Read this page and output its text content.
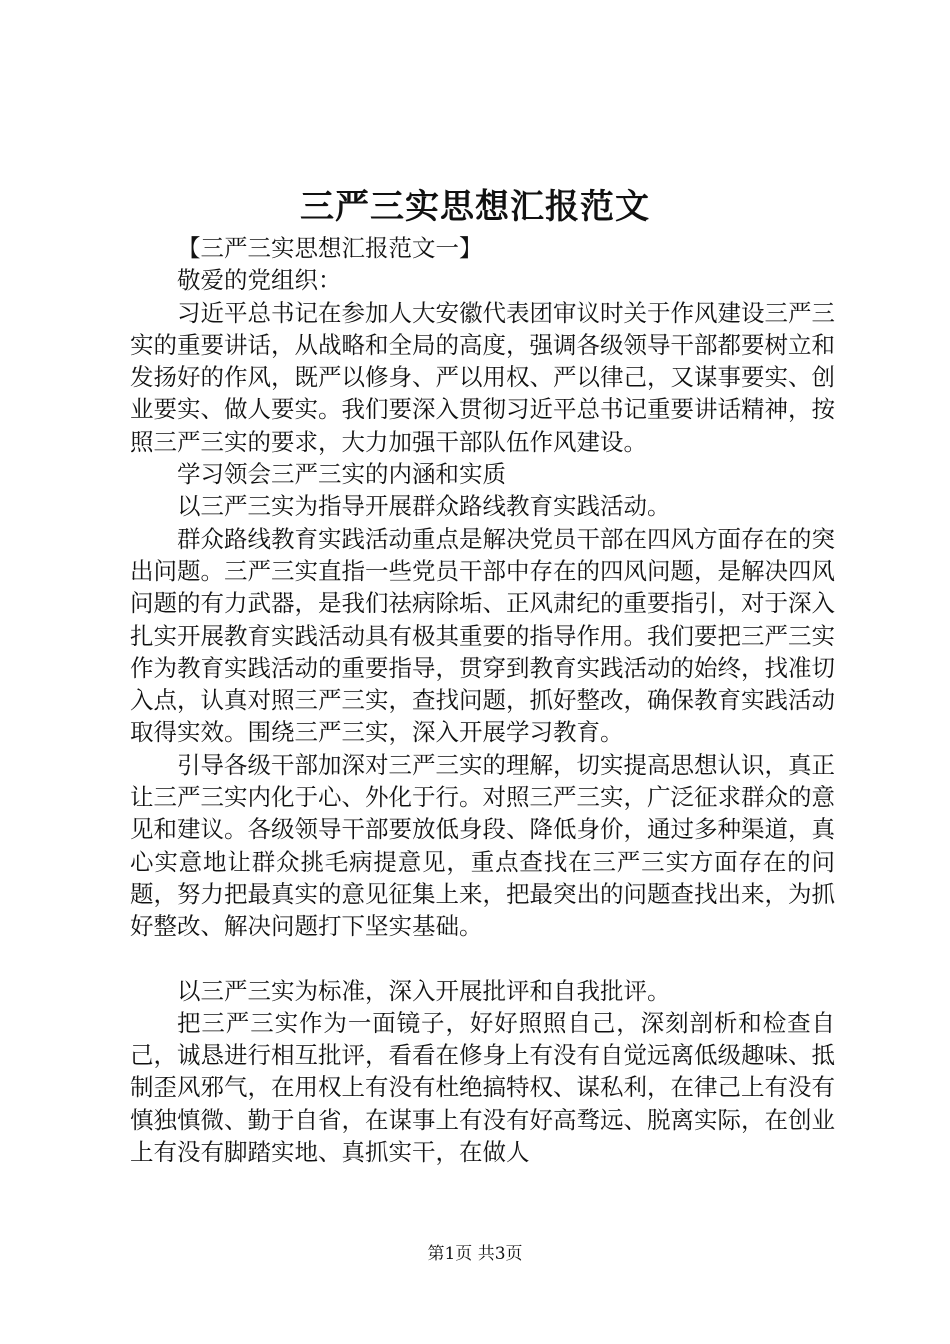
三严三实思想汇报范文

【三严三实思想汇报范文一】

敬爱的党组织：

习近平总书记在参加人大安徽代表团审议时关于作风建设三严三实的重要讲话，从战略和全局的高度，强调各级领导干部都要树立和发扬好的作风，既严以修身、严以用权、严以律己，又谋事要实、创业要实、做人要实。我们要深入贯彻习近平总书记重要讲话精神，按照三严三实的要求，大力加强干部队伍作风建设。

学习领会三严三实的内涵和实质

以三严三实为指导开展群众路线教育实践活动。

群众路线教育实践活动重点是解决党员干部在四风方面存在的突出问题。三严三实直指一些党员干部中存在的四风问题，是解决四风问题的有力武器，是我们祛病除垢、正风肃纪的重要指引，对于深入扎实开展教育实践活动具有极其重要的指导作用。我们要把三严三实作为教育实践活动的重要指导，贯穿到教育实践活动的始终，找准切入点，认真对照三严三实，查找问题，抓好整改，确保教育实践活动取得实效。围绕三严三实，深入开展学习教育。

引导各级干部加深对三严三实的理解，切实提高思想认识，真正让三严三实内化于心、外化于行。对照三严三实，广泛征求群众的意见和建议。各级领导干部要放低身段、降低身价，通过多种渠道，真心实意地让群众挑毛病提意见，重点查找在三严三实方面存在的问题，努力把最真实的意见征集上来，把最突出的问题查找出来，为抓好整改、解决问题打下坚实基础。

以三严三实为标准，深入开展批评和自我批评。

把三严三实作为一面镜子，好好照照自己，深刻剖析和检查自己，诚恳进行相互批评，看看在修身上有没有自觉远离低级趣味、抵制歪风邪气，在用权上有没有杜绝搞特权、谋私利，在律己上有没有慎独慎微、勤于自省，在谋事上有没有好高骛远、脱离实际，在创业上有没有脚踏实地、真抓实干，在做人

第1页 共3页
